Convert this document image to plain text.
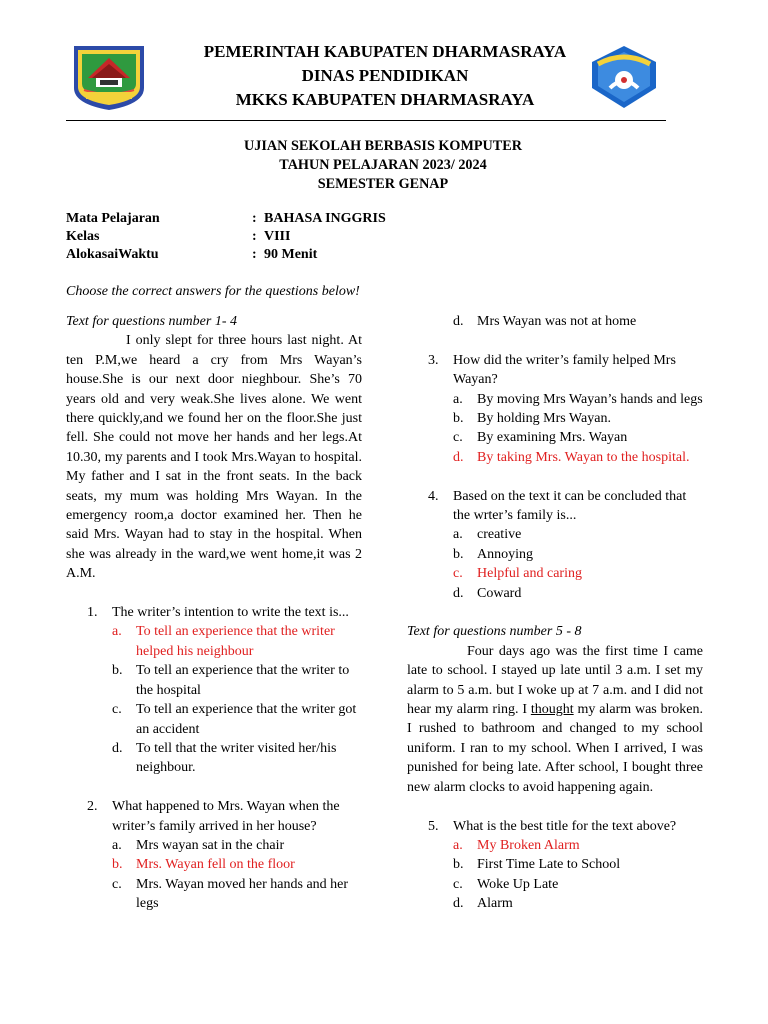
PEMERINTAH KABUPATEN DHARMASRAYA
DINAS PENDIDIKAN
MKKS KABUPATEN DHARMASRAYA
UJIAN SEKOLAH BERBASIS KOMPUTER
TAHUN PELAJARAN 2023/ 2024
SEMESTER GENAP
Mata Pelajaran	: BAHASA INGGRIS
Kelas	: VIII
AlokasaiWaktu	: 90 Menit
Choose the correct answers for the questions below!
Text for questions number 1- 4

I only slept for three hours last night. At ten P.M,we heard a cry from Mrs Wayan’s house.She is our next door nieghbour. She’s 70 years old and very weak.She lives alone. We went there quickly,and we found her on the floor.She just fell. She could not move her hands and her legs.At 10.30, my parents and I took Mrs.Wayan to hospital. My father and I sat in the front seats. In the back seats, my mum was holding Mrs Wayan. In the emergency room,a doctor examined her. Then he said Mrs. Wayan had to stay in the hospital. When she was already in the ward,we went home,it was 2 A.M.

1. The writer’s intention to write the text is...
a. To tell an experience that the writer helped his neighbour
b. To tell an experience that the writer to the hospital
c. To tell an experience that the writer got an accident
d. To tell that the writer visited her/his neighbour.
2. What happened to Mrs. Wayan when the writer’s family arrived in her house?
a. Mrs wayan sat in the chair
b. Mrs. Wayan fell on the floor
c. Mrs. Wayan moved her hands and her legs
d. Mrs Wayan was not at home
3. How did the writer’s family helped Mrs Wayan?
a. By moving Mrs Wayan’s hands and legs
b. By holding Mrs Wayan.
c. By examining Mrs. Wayan
d. By taking Mrs. Wayan to the hospital.
4. Based on the text it can be concluded that the wrter’s family is...
a. creative
b. Annoying
c. Helpful and caring
d. Coward
Text for questions number 5 - 8

Four days ago was the first time I came late to school. I stayed up late until 3 a.m. I set my alarm to 5 a.m. but I woke up at 7 a.m. and I did not hear my alarm ring. I thought my alarm was broken. I rushed to bathroom and changed to my school uniform. I ran to my school. When I arrived, I was punished for being late. After school, I bought three new alarm clocks to avoid happening again.

5. What is the best title for the text above?
a. My Broken Alarm
b. First Time Late to School
c. Woke Up Late
d. Alarm
